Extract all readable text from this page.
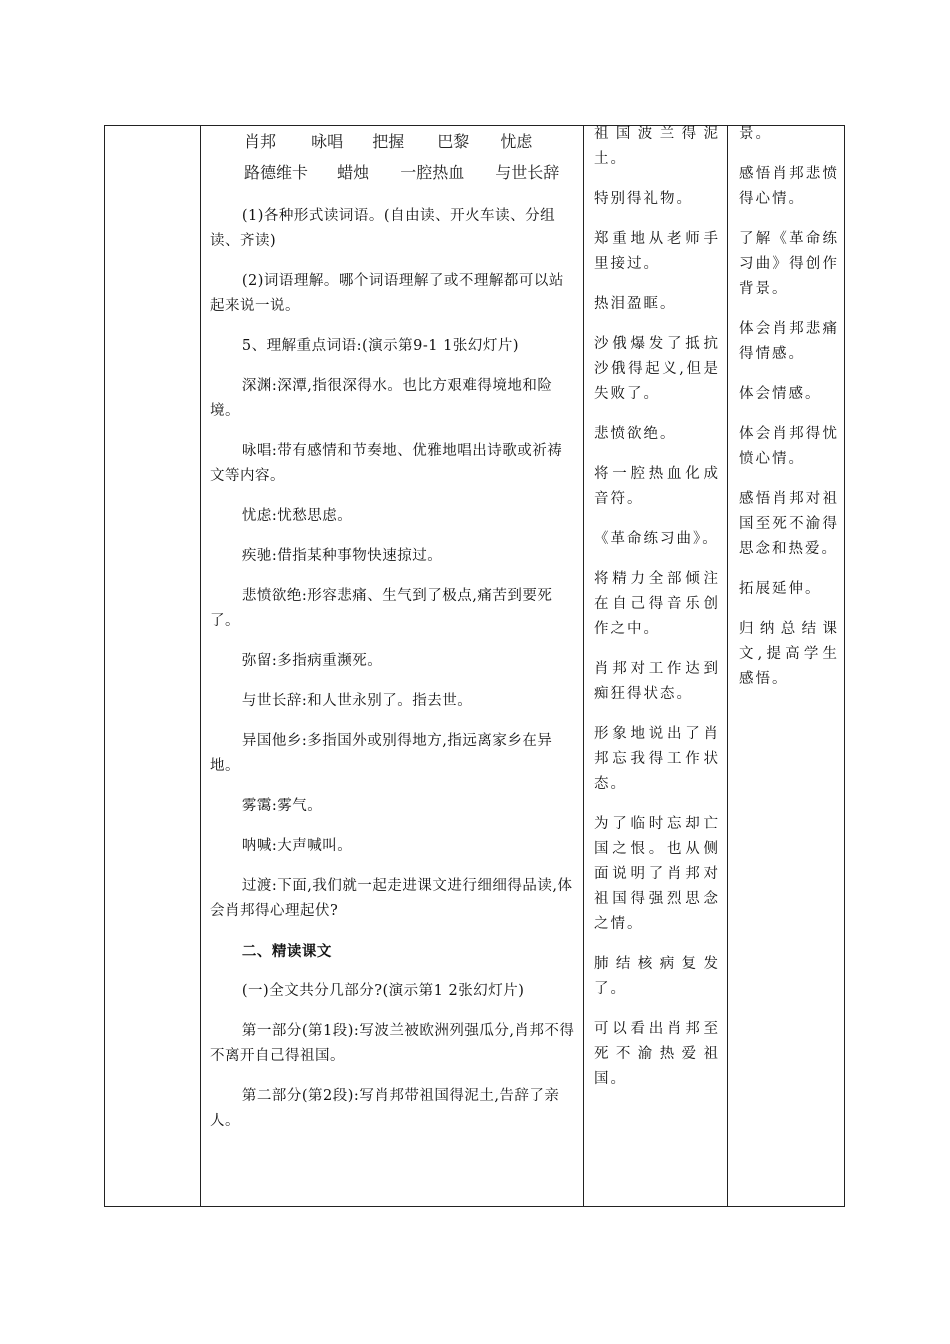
肖邦 咏唱 把握 巴黎 忧虑
路德维卡 蜡烛 一腔热血 与世长辞

(1)各种形式读词语。(自由读、开火车读、分组读、齐读)

(2)词语理解。哪个词语理解了或不理解都可以站起来说一说。

5、理解重点词语:(演示第9-1 1张幻灯片)

深渊:深潭,指很深得水。也比方艰难得境地和险境。

咏唱:带有感情和节奏地、优雅地唱出诗歌或祈祷文等内容。

忧虑:忧愁思虑。

疾驰:借指某种事物快速掠过。

悲愤欲绝:形容悲痛、生气到了极点,痛苦到要死了。

弥留:多指病重濒死。

与世长辞:和人世永别了。指去世。

异国他乡:多指国外或别得地方,指远离家乡在异地。

雾霭:雾气。

呐喊:大声喊叫。

过渡:下面,我们就一起走进课文进行细细得品读,体会肖邦得心理起伏?

二、精读课文

(一)全文共分几部分?(演示第1 2张幻灯片)

第一部分(第1段):写波兰被欧洲列强瓜分,肖邦不得不离开自己得祖国。

第二部分(第2段):写肖邦带祖国得泥土,告辞了亲人。

祖国波兰得泥土。

特别得礼物。

郑重地从老师手里接过。

热泪盈眶。

沙俄爆发了抵抗沙俄得起义,但是失败了。

悲愤欲绝。

将一腔热血化成音符。

《革命练习曲》。

将精力全部倾注在自己得音乐创作之中。

肖邦对工作达到痴狂得状态。

形象地说出了肖邦忘我得工作状态。

为了临时忘却亡国之恨。也从侧面说明了肖邦对祖国得强烈思念之情。

肺结核病复发了。

可以看出肖邦至死不渝热爱祖国。

景。

感悟肖邦悲愤得心情。

了解《革命练习曲》得创作背景。

体会肖邦悲痛得情感。

体会情感。

体会肖邦得忧愤心情。

感悟肖邦对祖国至死不渝得思念和热爱。

拓展延伸。

归纳总结课文,提高学生感悟。
